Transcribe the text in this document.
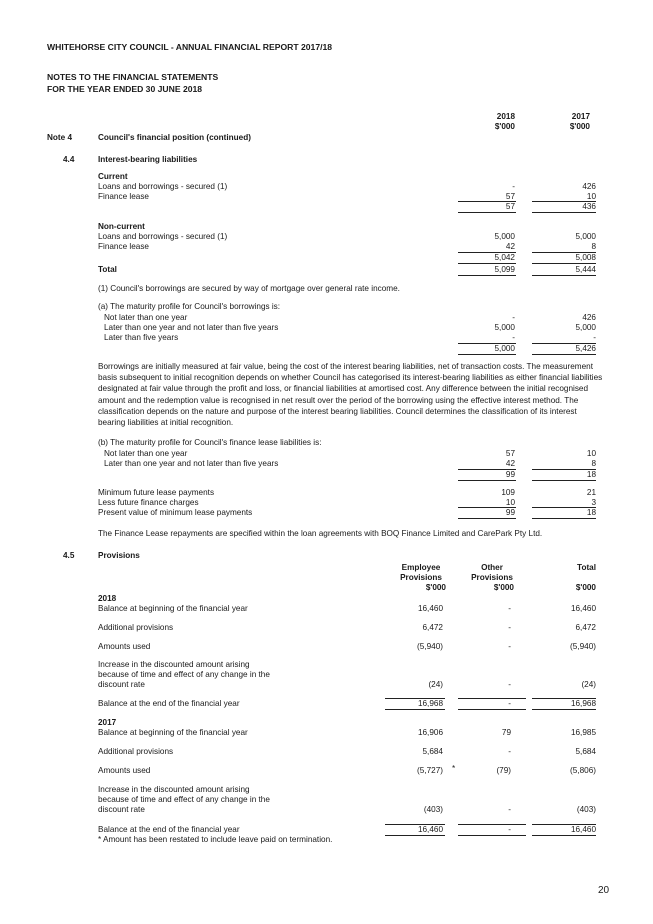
WHITEHORSE CITY COUNCIL - ANNUAL FINANCIAL REPORT 2017/18
NOTES TO THE FINANCIAL STATEMENTS
FOR THE YEAR ENDED 30 JUNE 2018
2018	2017
$'000	$'000
Note 4	Council's financial position (continued)
4.4	Interest-bearing liabilities
Current
Loans and borrowings - secured (1)	-	426
Finance lease	57	10
57	436
Non-current
Loans and borrowings - secured (1)	5,000	5,000
Finance lease	42	8
5,042	5,008
Total	5,099	5,444
(1) Council's borrowings are secured by way of mortgage over general rate income.
(a) The maturity profile for Council's borrowings is:
Not later than one year	-	426
Later than one year and not later than five years	5,000	5,000
Later than five years	-	-
5,000	5,426
Borrowings are initially measured at fair value, being the cost of the interest bearing liabilities, net of transaction costs. The measurement basis subsequent to initial recognition depends on whether Council has categorised its interest-bearing liabilities as either financial liabilities designated at fair value through the profit and loss, or financial liabilities at amortised cost. Any difference between the initial recognised amount and the redemption value is recognised in net result over the period of the borrowing using the effective interest method. The classification depends on the nature and purpose of the interest bearing liabilities. Council determines the classification of its interest bearing liabilities at initial recognition.
(b) The maturity profile for Council's finance lease liabilities is:
Not later than one year	57	10
Later than one year and not later than five years	42	8
99	18
Minimum future lease payments	109	21
Less future finance charges	10	3
Present value of minimum lease payments	99	18
The Finance Lease repayments are specified within the loan agreements with BOQ Finance Limited and CarePark Pty Ltd.
4.5	Provisions
Employee
Provisions
$'000
Other
Provisions
$'000
Total
$'000
2018
Balance at beginning of the financial year	16,460	-	16,460
Additional provisions	6,472	-	6,472
Amounts used	(5,940)	-	(5,940)
Increase in the discounted amount arising
because of time and effect of any change in the
discount rate	(24)	-	(24)
Balance at the end of the financial year	16,968	-	16,968
2017
Balance at beginning of the financial year	16,906	79	16,985
Additional provisions	5,684	-	5,684
Amounts used	(5,727) *	(79)	(5,806)
Increase in the discounted amount arising
because of time and effect of any change in the
discount rate	(403)	-	(403)
Balance at the end of the financial year	16,460	-	16,460
* Amount has been restated to include leave paid on termination.
20
